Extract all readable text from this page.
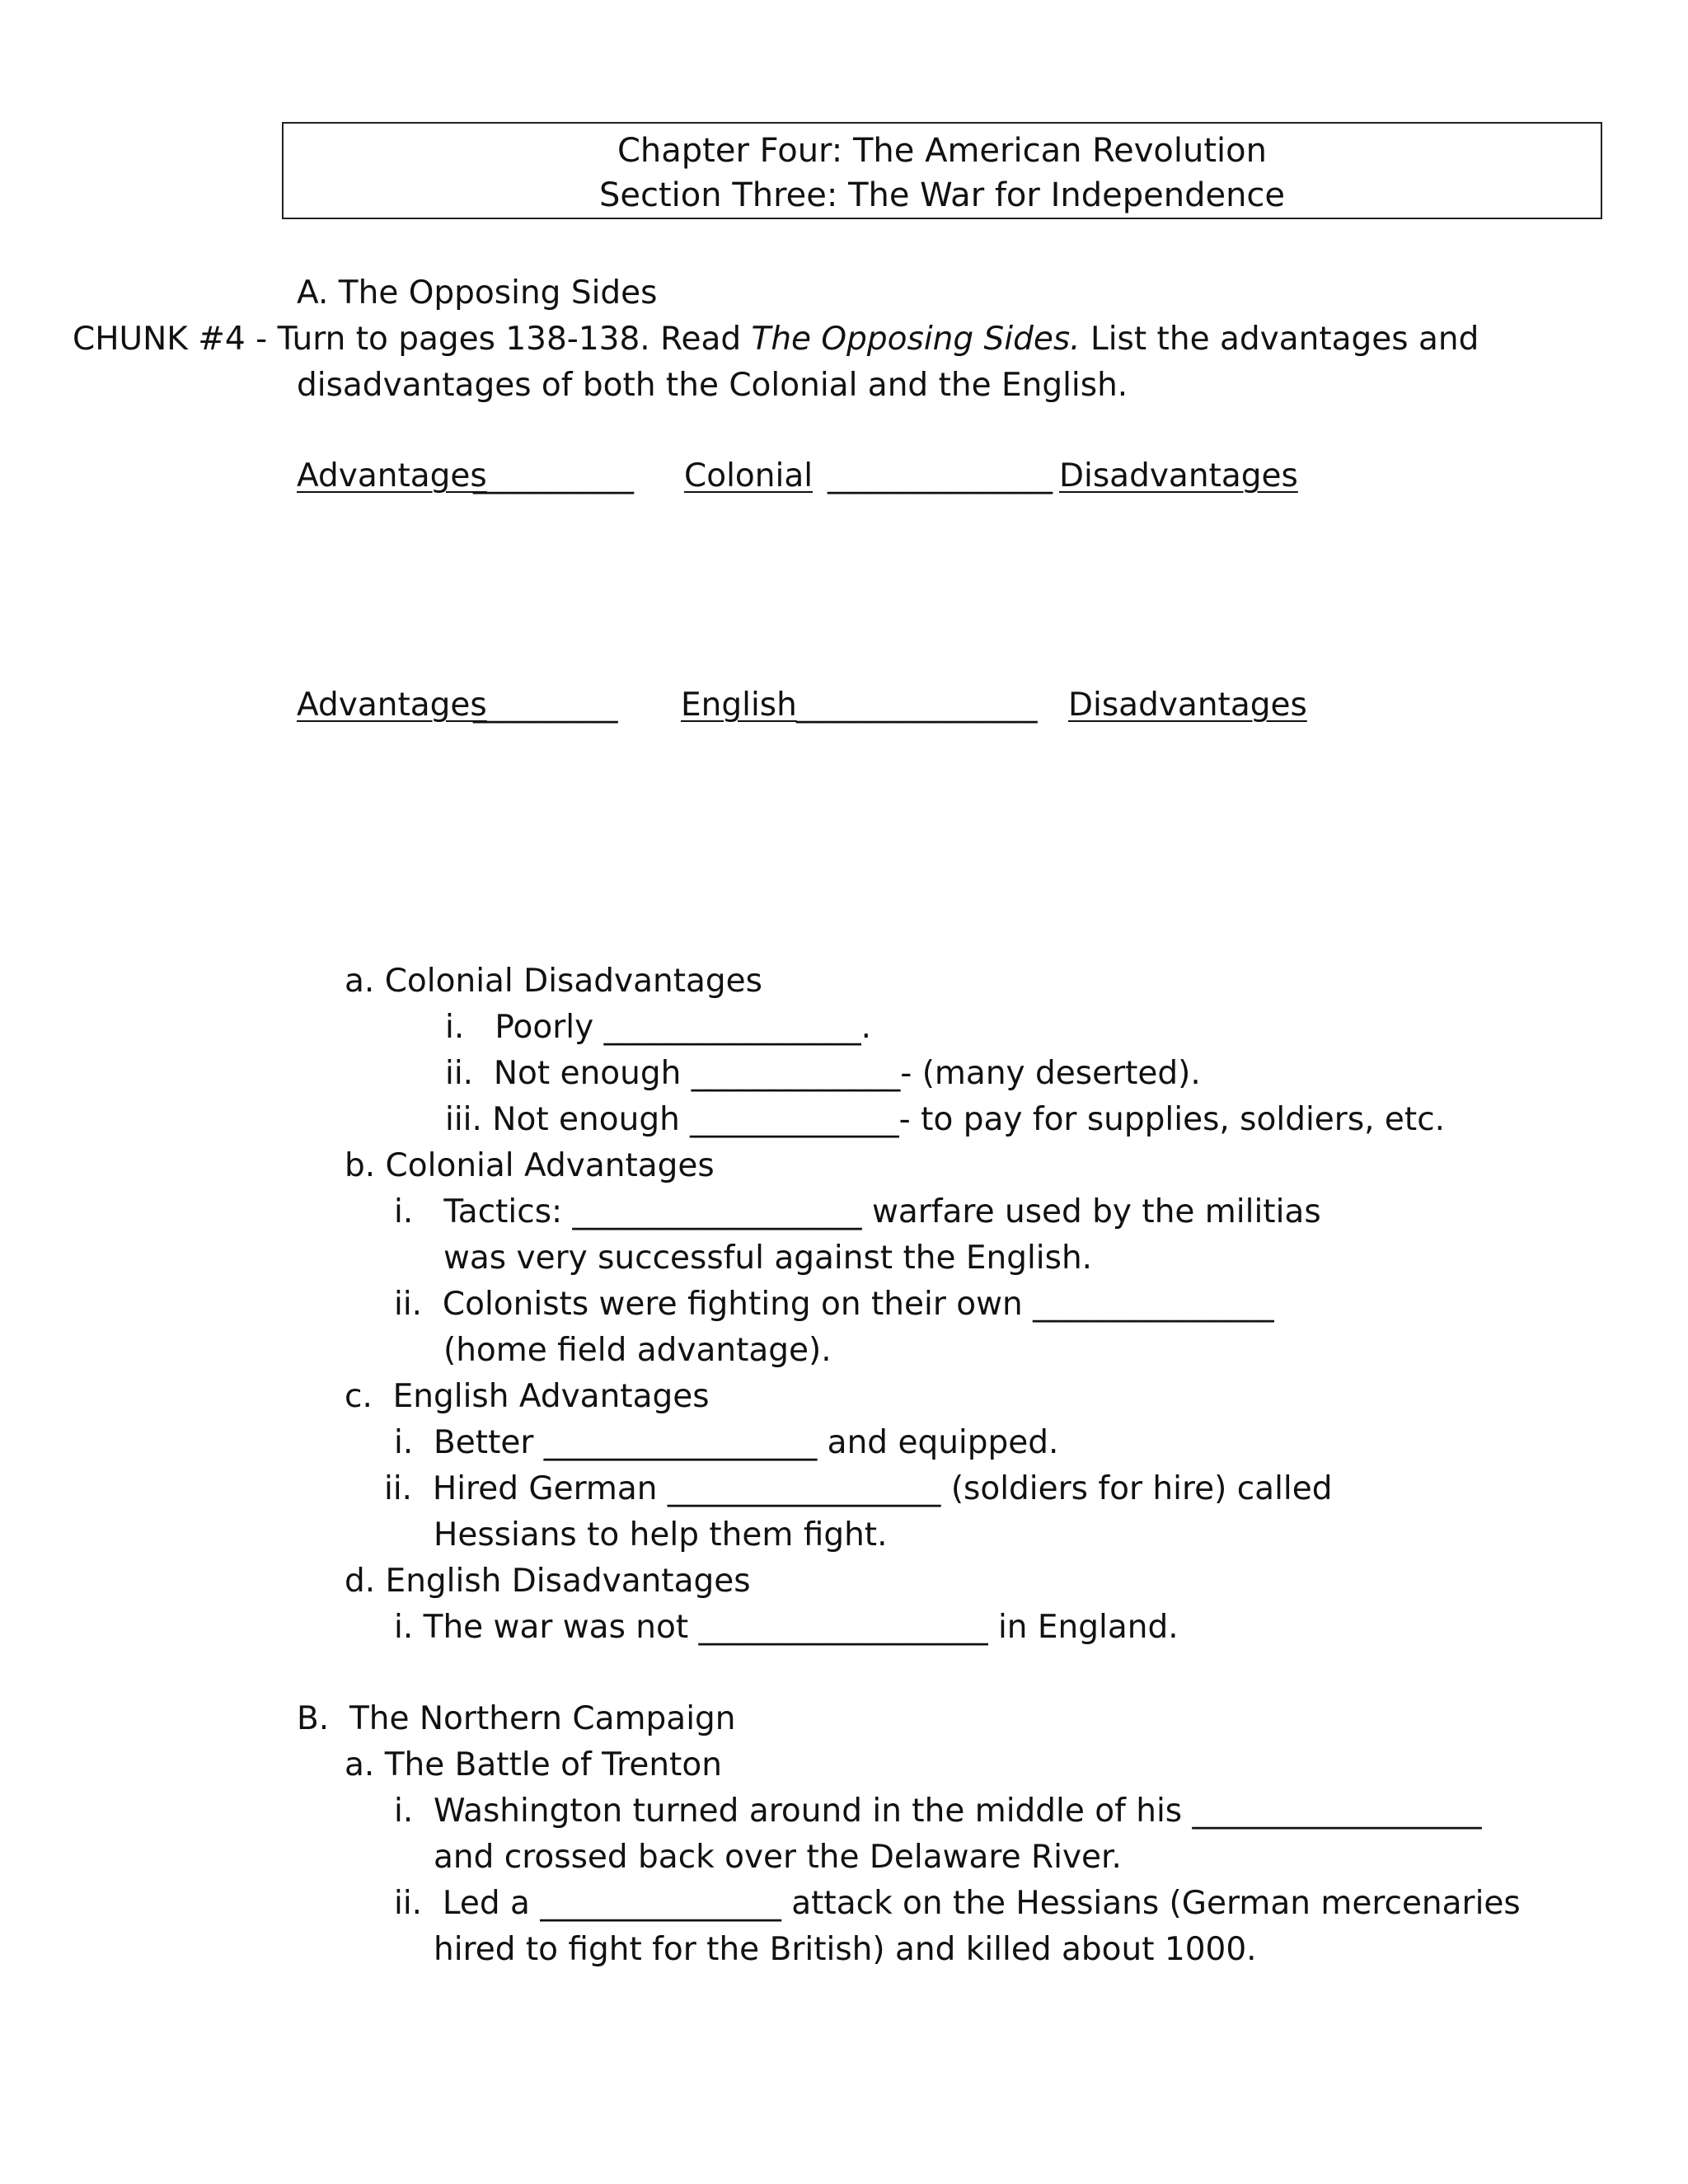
Chapter Four: The American Revolution
Section Three: The War for Independence
A. The Opposing Sides
CHUNK #4 - Turn to pages 138-138. Read The Opposing Sides. List the advantages and
disadvantages of both the Colonial and the English.
Advantages	Colonial	Disadvantages
__________	______________
Advantages	English	Disadvantages
_________	_______________
a. Colonial Disadvantages
i.   Poorly ________________.
ii.  Not enough _____________- (many deserted).
iii. Not enough _____________- to pay for supplies, soldiers, etc.
b. Colonial Advantages
i.   Tactics: __________________ warfare used by the militias
was very successful against the English.
ii.  Colonists were fighting on their own _______________
(home field advantage).
c.  English Advantages
i.  Better _________________ and equipped.
ii.  Hired German _________________ (soldiers for hire) called
Hessians to help them fight.
d. English Disadvantages
i. The war was not __________________ in England.
B.  The Northern Campaign
a. The Battle of Trenton
i.  Washington turned around in the middle of his __________________
and crossed back over the Delaware River.
ii.  Led a _______________ attack on the Hessians (German mercenaries
hired to fight for the British) and killed about 1000.
